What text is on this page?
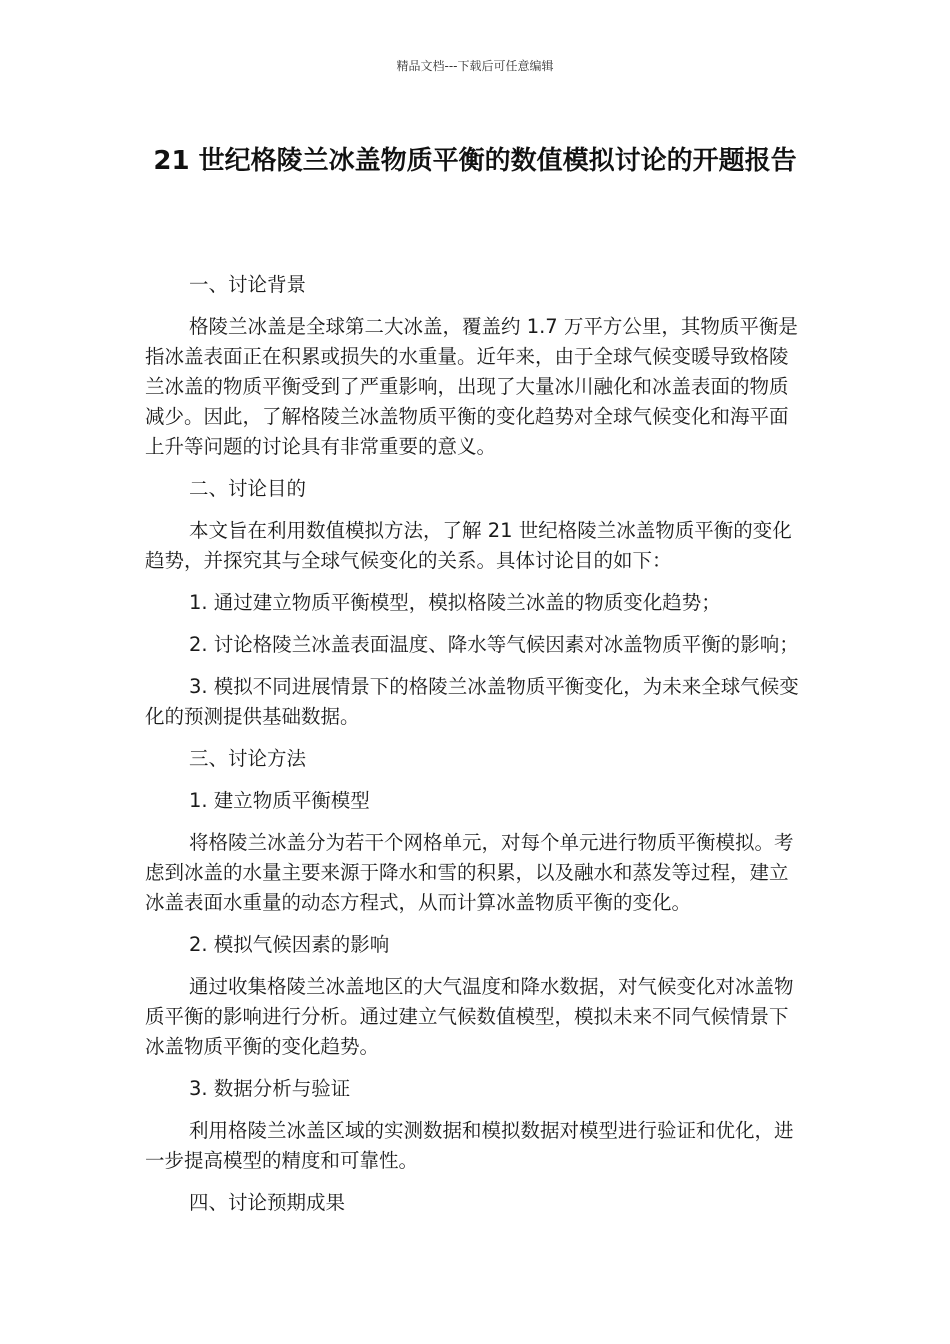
精品文档---下载后可任意编辑
21 世纪格陵兰冰盖物质平衡的数值模拟讨论的开题报告

一、讨论背景

格陵兰冰盖是全球第二大冰盖，覆盖约 1.7 万平方公里，其物质平衡是指冰盖表面正在积累或损失的水重量。近年来，由于全球气候变暖导致格陵兰冰盖的物质平衡受到了严重影响，出现了大量冰川融化和冰盖表面的物质减少。因此，了解格陵兰冰盖物质平衡的变化趋势对全球气候变化和海平面上升等问题的讨论具有非常重要的意义。

二、讨论目的

本文旨在利用数值模拟方法，了解 21 世纪格陵兰冰盖物质平衡的变化趋势，并探究其与全球气候变化的关系。具体讨论目的如下：

1. 通过建立物质平衡模型，模拟格陵兰冰盖的物质变化趋势；

2. 讨论格陵兰冰盖表面温度、降水等气候因素对冰盖物质平衡的影响；

3. 模拟不同进展情景下的格陵兰冰盖物质平衡变化，为未来全球气候变化的预测提供基础数据。

三、讨论方法

1. 建立物质平衡模型

将格陵兰冰盖分为若干个网格单元，对每个单元进行物质平衡模拟。考虑到冰盖的水量主要来源于降水和雪的积累，以及融水和蒸发等过程，建立冰盖表面水重量的动态方程式，从而计算冰盖物质平衡的变化。

2. 模拟气候因素的影响

通过收集格陵兰冰盖地区的大气温度和降水数据，对气候变化对冰盖物质平衡的影响进行分析。通过建立气候数值模型，模拟未来不同气候情景下冰盖物质平衡的变化趋势。

3. 数据分析与验证

利用格陵兰冰盖区域的实测数据和模拟数据对模型进行验证和优化，进一步提高模型的精度和可靠性。

四、讨论预期成果
